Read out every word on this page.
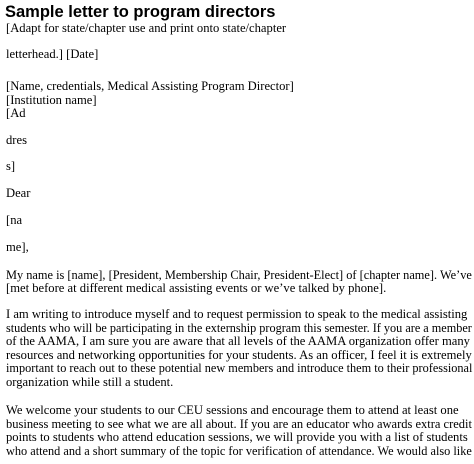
Sample letter to program directors
[Adapt for state/chapter use and print onto state/chapter
letterhead.] [Date]
[Name, credentials, Medical Assisting Program Director]
[Institution name]
[Ad
dres
s]
Dear
[na
me],
My name is [name], [President, Membership Chair, President-Elect] of [chapter name]. We’ve
[met before at different medical assisting events or we’ve talked by phone].
I am writing to introduce myself and to request permission to speak to the medical assisting
students who will be participating in the externship program this semester. If you are a member
of the AAMA, I am sure you are aware that all levels of the AAMA organization offer many
resources and networking opportunities for your students. As an officer, I feel it is extremely
important to reach out to these potential new members and introduce them to their professional
organization while still a student.
We welcome your students to our CEU sessions and encourage them to attend at least one
business meeting to see what we are all about. If you are an educator who awards extra credit
points to students who attend education sessions, we will provide you with a list of students
who attend and a short summary of the topic for verification of attendance. We would also like
